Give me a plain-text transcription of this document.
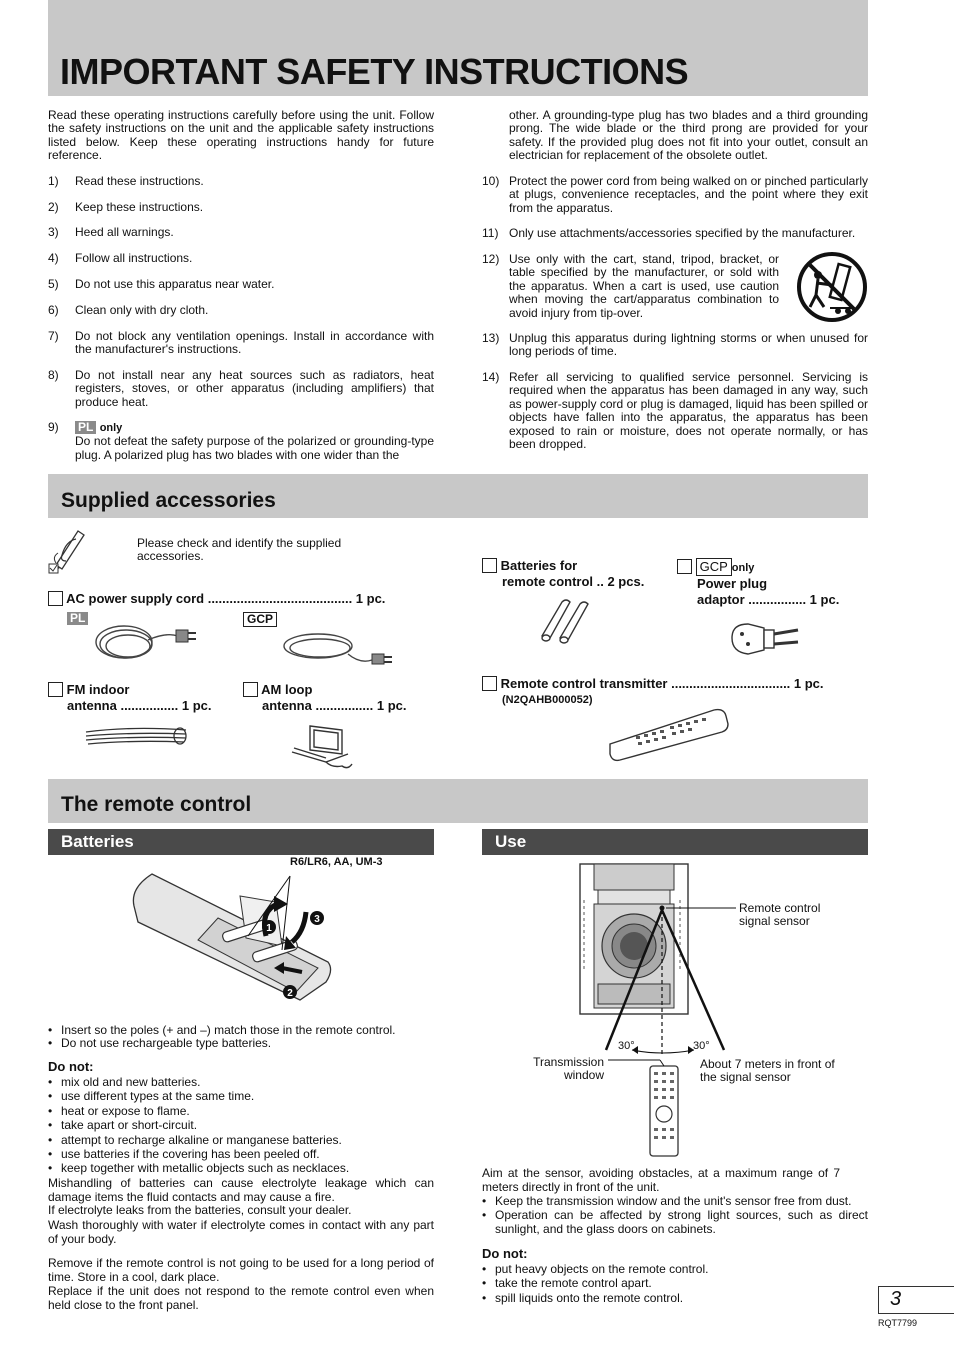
IMPORTANT SAFETY INSTRUCTIONS
Read these operating instructions carefully before using the unit. Follow the safety instructions on the unit and the applicable safety instructions listed below. Keep these operating instructions handy for future reference.
1) Read these instructions.
2) Keep these instructions.
3) Heed all warnings.
4) Follow all instructions.
5) Do not use this apparatus near water.
6) Clean only with dry cloth.
7) Do not block any ventilation openings. Install in accordance with the manufacturer's instructions.
8) Do not install near any heat sources such as radiators, heat registers, stoves, or other apparatus (including amplifiers) that produce heat.
9) PL only
Do not defeat the safety purpose of the polarized or grounding-type plug. A polarized plug has two blades with one wider than the
other. A grounding-type plug has two blades and a third grounding prong. The wide blade or the third prong are provided for your safety. If the provided plug does not fit into your outlet, consult an electrician for replacement of the obsolete outlet.
10) Protect the power cord from being walked on or pinched particularly at plugs, convenience receptacles, and the point where they exit from the apparatus.
11) Only use attachments/accessories specified by the manufacturer.
12) Use only with the cart, stand, tripod, bracket, or table specified by the manufacturer, or sold with the apparatus. When a cart is used, use caution when moving the cart/apparatus combination to avoid injury from tip-over.
13) Unplug this apparatus during lightning storms or when unused for long periods of time.
14) Refer all servicing to qualified service personnel. Servicing is required when the apparatus has been damaged in any way, such as power-supply cord or plug is damaged, liquid has been spilled or objects have fallen into the apparatus, the apparatus has been exposed to rain or moisture, does not operate normally, or has been dropped.
Supplied accessories
Please check and identify the supplied accessories.
AC power supply cord ........................................ 1 pc.
PL	GCP
FM indoor
antenna ................ 1 pc.
AM loop
antenna ................ 1 pc.
Batteries for
remote control .. 2 pcs.
GCP only
Power plug
adaptor ................ 1 pc.
Remote control transmitter ................................. 1 pc.
(N2QAHB000052)
The remote control
Batteries	Use
R6/LR6, AA, UM-3
1
3
2
• Insert so the poles (+ and –) match those in the remote control.
• Do not use rechargeable type batteries.
Do not:
• mix old and new batteries.
• use different types at the same time.
• heat or expose to flame.
• take apart or short-circuit.
• attempt to recharge alkaline or manganese batteries.
• use batteries if the covering has been peeled off.
• keep together with metallic objects such as necklaces.
Mishandling of batteries can cause electrolyte leakage which can damage items the fluid contacts and may cause a fire.
If electrolyte leaks from the batteries, consult your dealer.
Wash thoroughly with water if electrolyte comes in contact with any part of your body.
Remove if the remote control is not going to be used for a long period of time. Store in a cool, dark place.
Replace if the unit does not respond to the remote control even when held close to the front panel.
Remote control signal sensor
30°	30°
Transmission window
About 7 meters in front of the signal sensor
Aim at the sensor, avoiding obstacles, at a maximum range of 7 meters directly in front of the unit.
• Keep the transmission window and the unit's sensor free from dust.
• Operation can be affected by strong light sources, such as direct sunlight, and the glass doors on cabinets.
Do not:
• put heavy objects on the remote control.
• take the remote control apart.
• spill liquids onto the remote control.	3
RQT7799
